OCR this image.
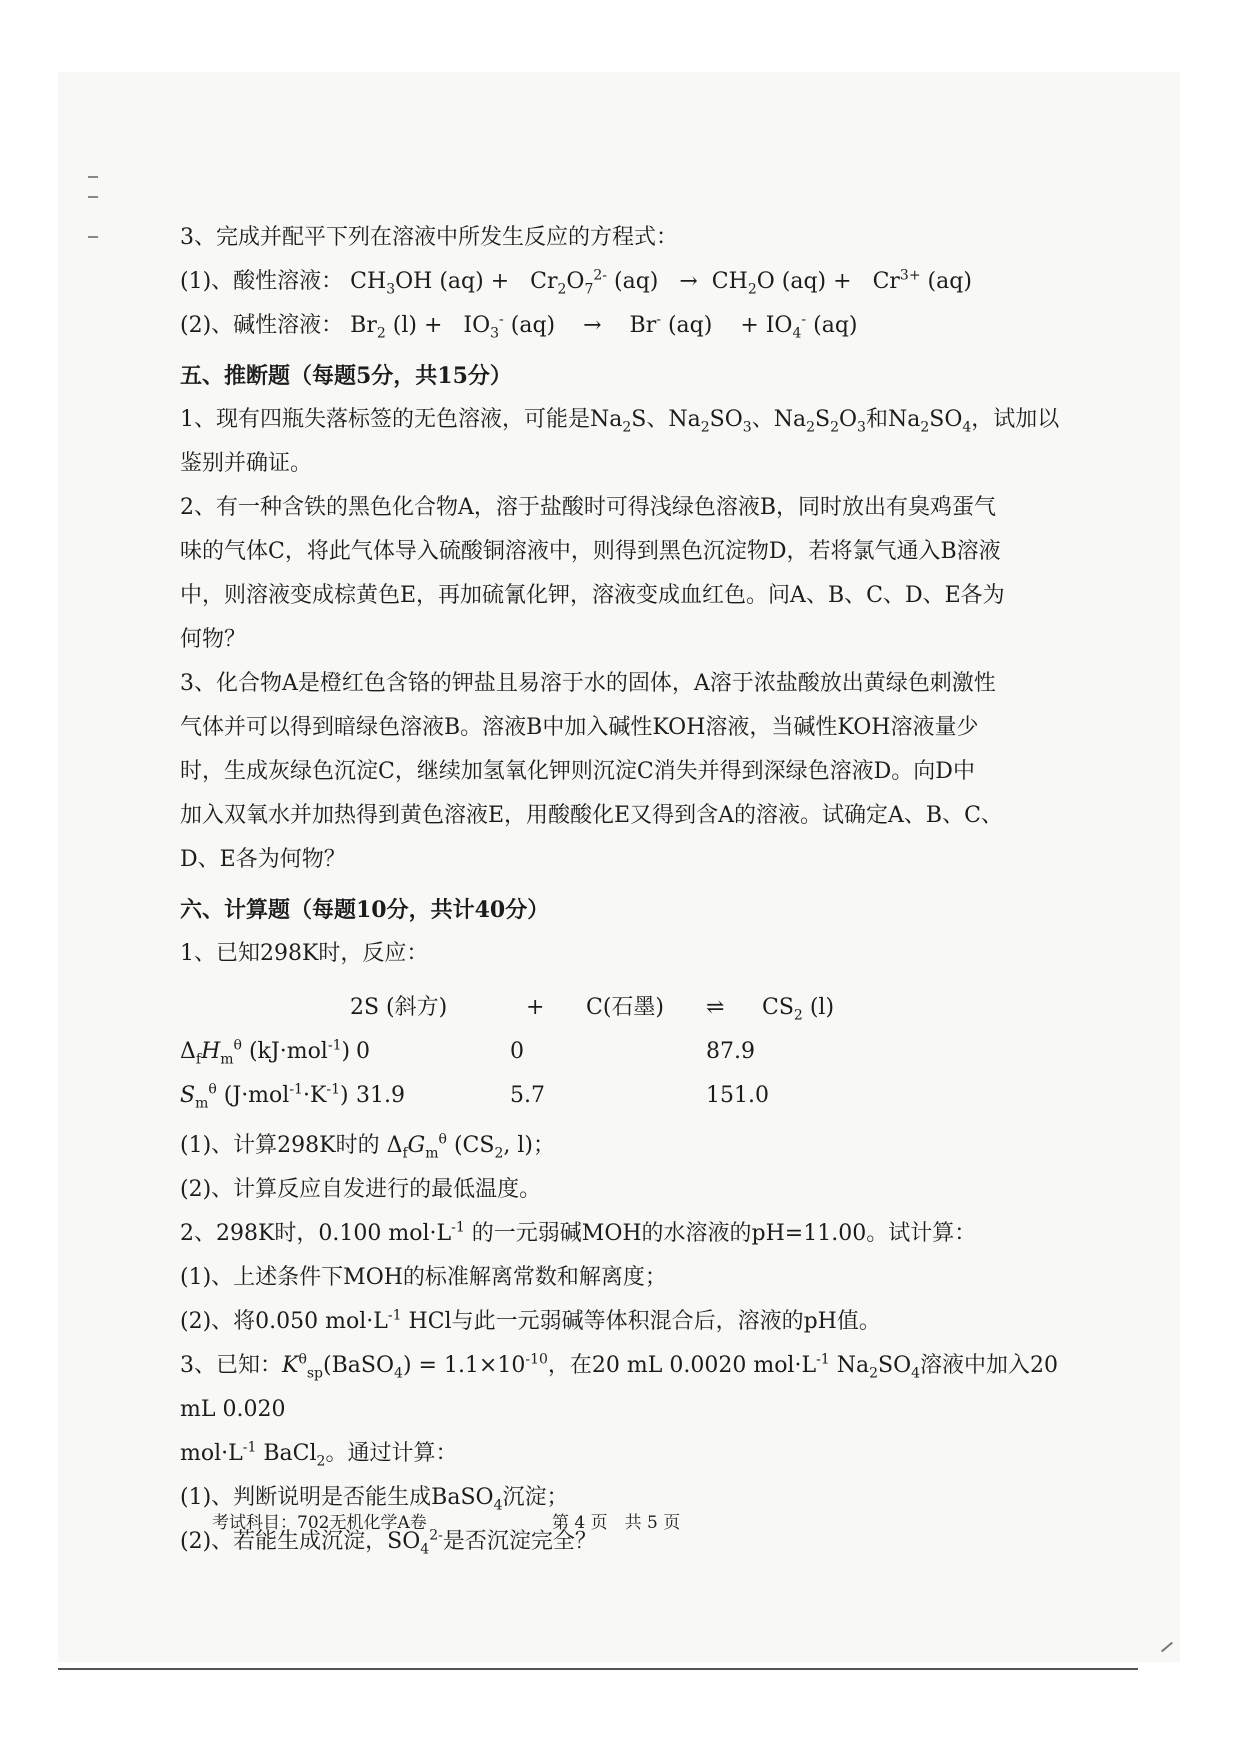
3、完成并配平下列在溶液中所发生反应的方程式：

(1)、酸性溶液： $CH_3OH$ $(aq) + Cr_2O_7^{2-}$ $(aq) \to CH_2O$ $(aq) + Cr^{3+}$ (aq)

(2)、碱性溶液： $Br_2$ $(l) + IO_3^-$ (aq) → Br- $(aq) + IO_4^-$ (aq)

五、推断题（每题5分，共15分）

1、现有四瓶失落标签的无色溶液，可能是$Na_2S$、$Na_2SO_3$、$Na_2S_2O_3$和$Na_2SO_4$，试加以

鉴别并确证。

2、有一种含铁的黑色化合物A，溶于盐酸时可得浅绿色溶液B，同时放出有臭鸡蛋气

味的气体C，将此气体导入硫酸铜溶液中，则得到黑色沉淀物D，若将氯气通入B溶液

中，则溶液变成棕黄色E，再加硫氰化钾，溶液变成血红色。问A、B、C、D、E各为

何物？

3、化合物A是橙红色含铬的钾盐且易溶于水的固体，A溶于浓盐酸放出黄绿色刺激性

气体并可以得到暗绿色溶液B。溶液B中加入碱性KOH溶液，当碱性KOH溶液量少

时，生成灰绿色沉淀C，继续加氢氧化钾则沉淀C消失并得到深绿色溶液D。向D中

加入双氧水并加热得到黄色溶液E，用酸酸化E又得到含A的溶液。试确定A、B、C、

D、E各为何物？

六、计算题（每题10分，共计40分）

1、已知298K时，反应：

2S (斜方)	+	C(石墨)	⇌	$CS_2$ (l)
$\Delta_fH_m^\theta$ (kJ·mol$^{-1}$) 0	0	87.9
$S_m^\theta$ $(J\cdot mol^{-1}\cdot K^{-1})$ 31.9	5.7	151.0

(1)、计算298K时的 $\Delta_fG_m^\theta$ ($CS_2$, l)；

(2)、计算反应自发进行的最低温度。

2、298K时，0.100 $mol\cdot L^{-1}$ 的一元弱碱MOH的水溶液的pH=11.00。试计算：

(1)、上述条件下MOH的标准解离常数和解离度；

(2)、将0.050 $mol\cdot L^{-1}$ HCl与此一元弱碱等体积混合后，溶液的pH值。

3、已知：$K^\theta_{sp}(BaSO_4) = 1.1\times 10^{-10}$，在20 mL 0.0020 $mol\cdot L^{-1}$ $Na_2SO_4$溶液中加入20 mL 0.020

$mol\cdot L^{-1}$ BaCl$_2$。通过计算：

(1)、判断说明是否能生成BaSO$_4$沉淀；

(2)、若能生成沉淀，$SO_4^{2-}$是否沉淀完全？

考试科目：702无机化学A卷	第 4 页　共 5 页
